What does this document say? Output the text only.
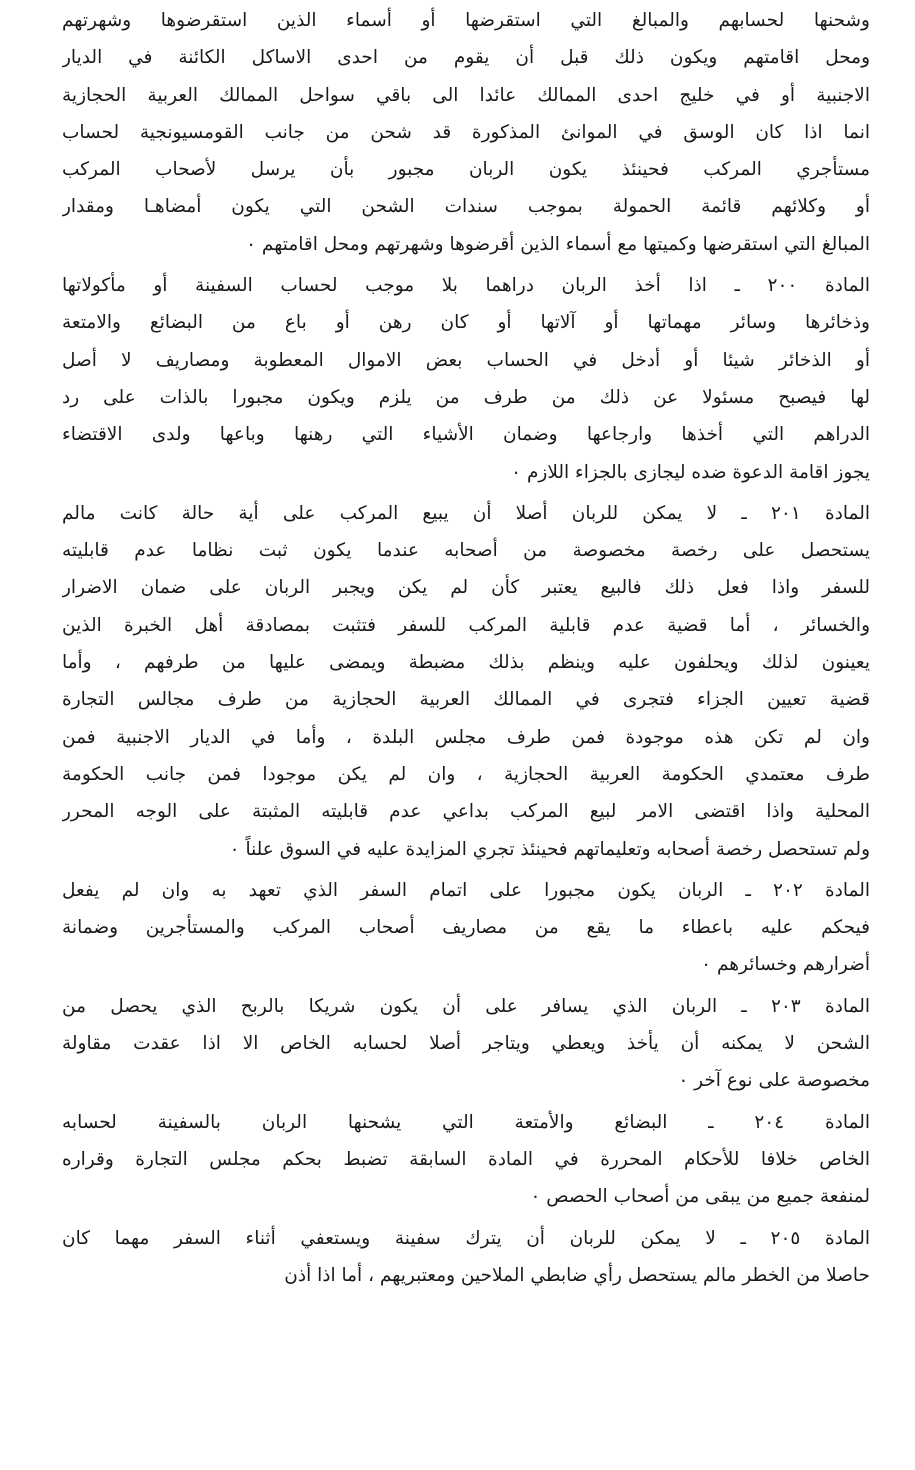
وشحنها لحسابهم والمبالغ التي استقرضها أو أسماء الذين استقرضوها وشهرتهم
ومحل اقامتهم ويكون ذلك قبل أن يقوم من احدى الاساكل الكائنة في الديار
الاجنبية أو في خليج احدى الممالك عائدا الى باقي سواحل الممالك العربية الحجازية
انما اذا كان الوسق في الموانئ المذكورة قد شحن من جانب القومسيونجية لحساب
مستأجري المركب فحينئذ يكون الربان مجبور بأن يرسل لأصحاب المركب
أو وكلائهم قائمة الحمولة بموجب سندات الشحن التي يكون أمضاهـا ومقدار
المبالغ التي استقرضها وكميتها مع أسماء الذين أقرضوها وشهرتهم ومحل اقامتهم ٠
المادة ٢٠٠ ـ اذا أخذ الربان دراهما بلا موجب لحساب السفينة أو مأكولاتها
وذخائرها وسائر مهماتها أو آلاتها أو كان رهن أو باع من البضائع والامتعة
أو الذخائر شيئا أو أدخل في الحساب بعض الاموال المعطوبة ومصاريف لا أصل
لها فيصبح مسئولا عن ذلك من طرف من يلزم ويكون مجبورا بالذات على رد
الدراهم التي أخذها وارجاعها وضمان الأشياء التي رهنها وباعها ولدى الاقتضاء
يجوز اقامة الدعوة ضده ليجازى بالجزاء اللازم ٠
المادة ٢٠١ ـ لا يمكن للربان أصلا أن يبيع المركب على أية حالة كانت مالم
يستحصل على رخصة مخصوصة من أصحابه عندما يكون ثبت نظاما عدم قابليته
للسفر واذا فعل ذلك فالبيع يعتبر كأن لم يكن ويجبر الربان على ضمان الاضرار
والخسائر ، أما قضية عدم قابلية المركب للسفر فتثبت بمصادقة أهل الخبرة الذين
يعينون لذلك ويحلفون عليه وينظم بذلك مضبطة ويمضى عليها من طرفهم ، وأما
قضية تعيين الجزاء فتجرى في الممالك العربية الحجازية من طرف مجالس التجارة
وان لم تكن هذه موجودة فمن طرف مجلس البلدة ، وأما في الديار الاجنبية فمن
طرف معتمدي الحكومة العربية الحجازية ، وان لم يكن موجودا فمن جانب الحكومة
المحلية واذا اقتضى الامر لبيع المركب بداعي عدم قابليته المثبتة على الوجه المحرر
ولم تستحصل رخصة أصحابه وتعليماتهم فحينئذ تجري المزايدة عليه في السوق علناً ٠
المادة ٢٠٢ ـ الربان يكون مجبورا على اتمام السفر الذي تعهد به وان لم يفعل
فيحكم عليه باعطاء ما يقع من مصاريف أصحاب المركب والمستأجرين وضمانة
أضرارهم وخسائرهم ٠
المادة ٢٠٣ ـ الربان الذي يسافر على أن يكون شريكا بالربح الذي يحصل من
الشحن لا يمكنه أن يأخذ ويعطي ويتاجر أصلا لحسابه الخاص الا اذا عقدت مقاولة
مخصوصة على نوع آخر ٠
المادة ٢٠٤ ـ البضائع والأمتعة التي يشحنها الربان بالسفينة لحسابه
الخاص خلافا للأحكام المحررة في المادة السابقة تضبط بحكم مجلس التجارة وقراره
لمنفعة جميع من يبقى من أصحاب الحصص ٠
المادة ٢٠٥ ـ لا يمكن للربان أن يترك سفينة ويستعفي أثناء السفر مهما كان
حاصلا من الخطر مالم يستحصل رأي ضابطي الملاحين ومعتبريهم ، أما اذا أذن
